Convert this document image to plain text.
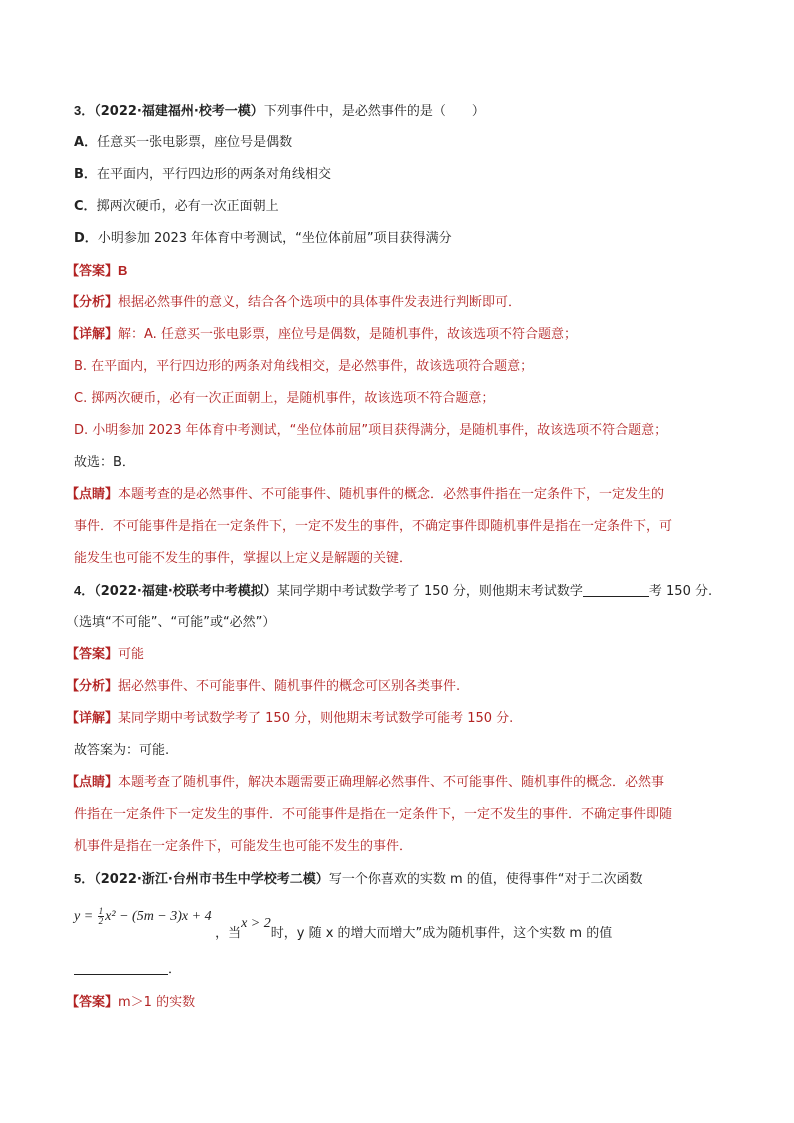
3．（2022·福建福州·校考一模）下列事件中，是必然事件的是（　　）
A．任意买一张电影票，座位号是偶数
B．在平面内，平行四边形的两条对角线相交
C．掷两次硬币，必有一次正面朝上
D．小明参加 2023 年体育中考测试，“坐位体前屈”项目获得满分
【答案】B
【分析】根据必然事件的意义，结合各个选项中的具体事件发表进行判断即可．
【详解】解：A. 任意买一张电影票，座位号是偶数，是随机事件，故该选项不符合题意；
B. 在平面内，平行四边形的两条对角线相交，是必然事件，故该选项符合题意；
C. 掷两次硬币，必有一次正面朝上，是随机事件，故该选项不符合题意；
D. 小明参加 2023 年体育中考测试，“坐位体前屈”项目获得满分，是随机事件，故该选项不符合题意；
故选：B．
【点睛】本题考查的是必然事件、不可能事件、随机事件的概念．必然事件指在一定条件下，一定发生的
事件．不可能事件是指在一定条件下，一定不发生的事件，不确定事件即随机事件是指在一定条件下，可
能发生也可能不发生的事件，掌握以上定义是解题的关键．
4．（2022·福建·校联考中考模拟）某同学期中考试数学考了 150 分，则他期末考试数学	考 150 分.
（选填“不可能”、“可能”或“必然”）
【答案】可能
【分析】据必然事件、不可能事件、随机事件的概念可区别各类事件.
【详解】某同学期中考试数学考了 150 分，则他期末考试数学可能考 150 分.
故答案为：可能.
【点睛】本题考查了随机事件，解决本题需要正确理解必然事件、不可能事件、随机事件的概念．必然事
件指在一定条件下一定发生的事件．不可能事件是指在一定条件下，一定不发生的事件．不确定事件即随
机事件是指在一定条件下，可能发生也可能不发生的事件．
5．（2022·浙江·台州市书生中学校考二模）写一个你喜欢的实数 m 的值，使得事件“对于二次函数
$y = \frac{1}{2} x^2 - (5m - 3)x + 4$ ，当x > 2时，y 随 x 的增大而增大”成为随机事件，这个实数 m 的值
．
【答案】m＞1 的实数
